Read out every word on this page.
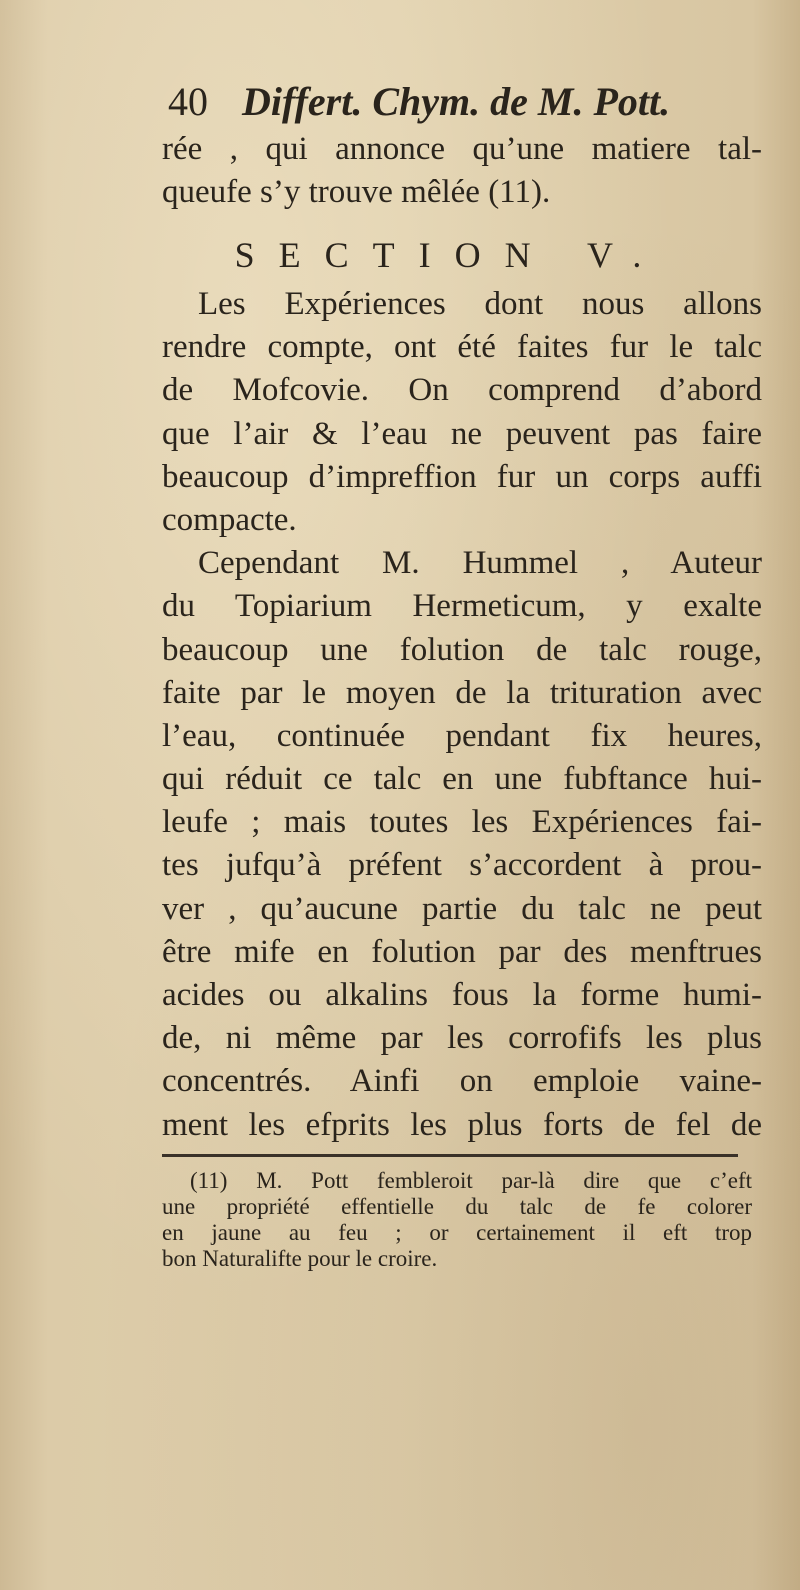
40 Differt. Chym. de M. Pott.
rée , qui annonce qu’une matiere tal-
queufe s’y trouve mêlée (11).
SECTION V.
Les Expériences dont nous allons
rendre compte, ont été faites fur le talc
de Mofcovie. On comprend d’abord
que l’air & l’eau ne peuvent pas faire
beaucoup d’impreffion fur un corps auffi
compacte.
Cependant M. Hummel , Auteur
du Topiarium Hermeticum, y exalte
beaucoup une folution de talc rouge,
faite par le moyen de la trituration avec
l’eau, continuée pendant fix heures,
qui réduit ce talc en une fubftance hui-
leufe ; mais toutes les Expériences fai-
tes jufqu’à préfent s’accordent à prou-
ver , qu’aucune partie du talc ne peut
être mife en folution par des menftrues
acides ou alkalins fous la forme humi-
de, ni même par les corrofifs les plus
concentrés. Ainfi on emploie vaine-
ment les efprits les plus forts de fel de
(11) M. Pott fembleroit par-là dire que c’eft
une propriété effentielle du talc de fe colorer
en jaune au feu ; or certainement il eft trop
bon Naturalifte pour le croire.
